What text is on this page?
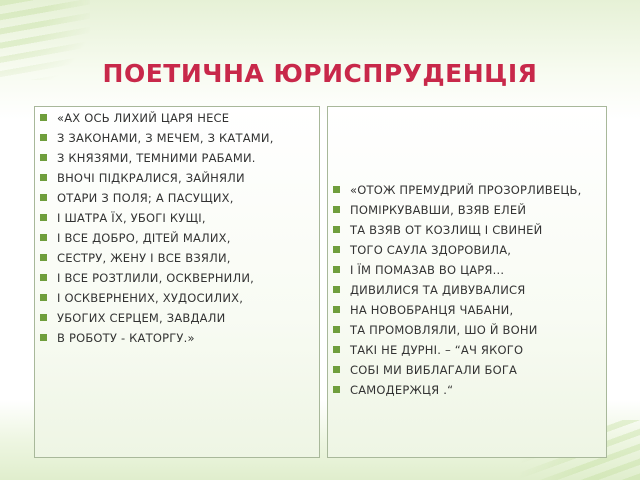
ПОЕТИЧНА ЮРИСПРУДЕНЦІЯ
«АХ ОСЬ ЛИХИЙ ЦАРЯ НЕСЕ
З ЗАКОНАМИ, З МЕЧЕМ, З КАТАМИ,
З КНЯЗЯМИ, ТЕМНИМИ РАБАМИ.
ВНОЧІ ПІДКРАЛИСЯ, ЗАЙНЯЛИ
ОТАРИ З ПОЛЯ; А ПАСУЩИХ,
І ШАТРА ЇХ, УБОГІ КУЩІ,
І ВСЕ ДОБРО, ДІТЕЙ МАЛИХ,
СЕСТРУ, ЖЕНУ І ВСЕ ВЗЯЛИ,
І ВСЕ РОЗТЛИЛИ, ОСКВЕРНИЛИ,
І ОСКВЕРНЕНИХ, ХУДОСИЛИХ,
УБОГИХ СЕРЦЕМ, ЗАВДАЛИ
В РОБОТУ - КАТОРГУ.»
«ОТОЖ ПРЕМУДРИЙ ПРОЗОРЛИВЕЦЬ,
ПОМІРКУВАВШИ, ВЗЯВ ЕЛЕЙ
ТА ВЗЯВ ОТ КОЗЛИЩ І СВИНЕЙ
ТОГО САУЛА ЗДОРОВИЛА,
І ЇМ ПОМАЗАВ ВО ЦАРЯ...
ДИВИЛИСЯ ТА ДИВУВАЛИСЯ
НА НОВОБРАНЦЯ ЧАБАНИ,
ТА ПРОМОВЛЯЛИ, ШО Й ВОНИ
ТАКІ НЕ ДУРНІ. – “АЧ ЯКОГО
СОБІ МИ ВИБЛАГАЛИ БОГА
САМОДЕРЖЦЯ .“
